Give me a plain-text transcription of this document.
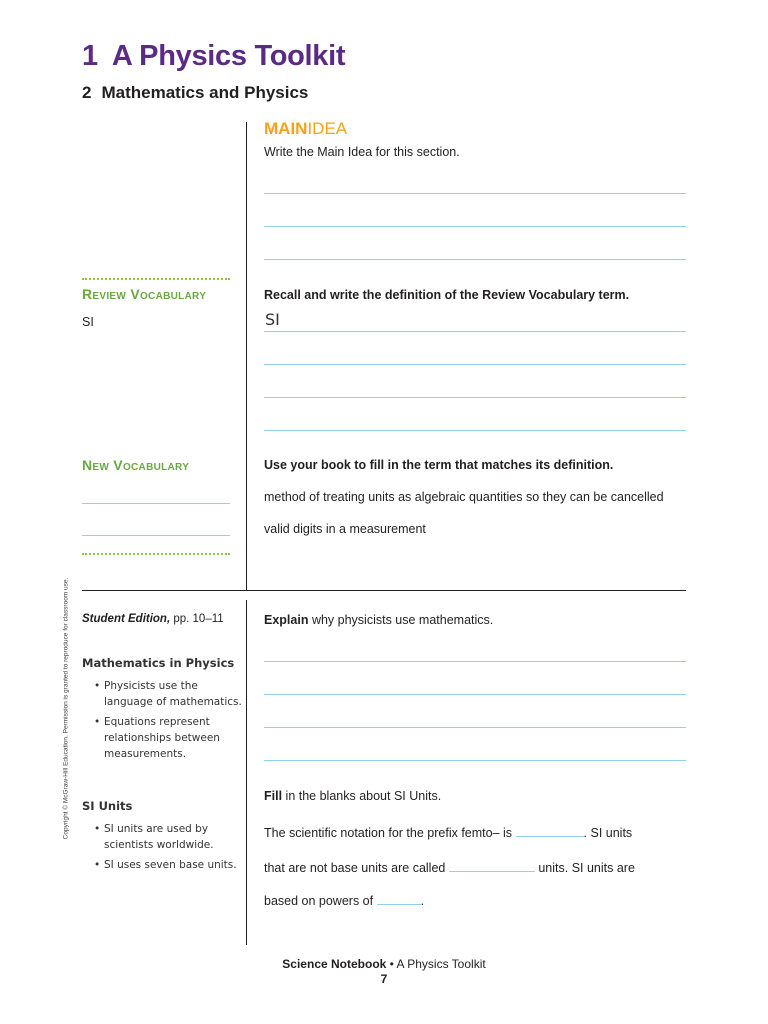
1 A Physics Toolkit
2 Mathematics and Physics
MAINIDEA
Write the Main Idea for this section.
Review Vocabulary
SI
Recall and write the definition of the Review Vocabulary term.
SI
New Vocabulary	Use your book to fill in the term that matches its definition.
method of treating units as algebraic quantities so they can be cancelled
valid digits in a measurement
Student Edition, pp. 10–11
Mathematics in Physics
• Physicists use the language of mathematics.
• Equations represent relationships between measurements.
SI Units
• SI units are used by scientists worldwide.
• SI uses seven base units.
Explain why physicists use mathematics.
Fill in the blanks about SI Units.
The scientific notation for the prefix femto– is	. SI units
that are not base units are called	units. SI units are
based on powers of	.
Copyright © McGraw-Hill Education. Permission is granted to reproduce for classroom use.
Science Notebook • A Physics Toolkit
7
